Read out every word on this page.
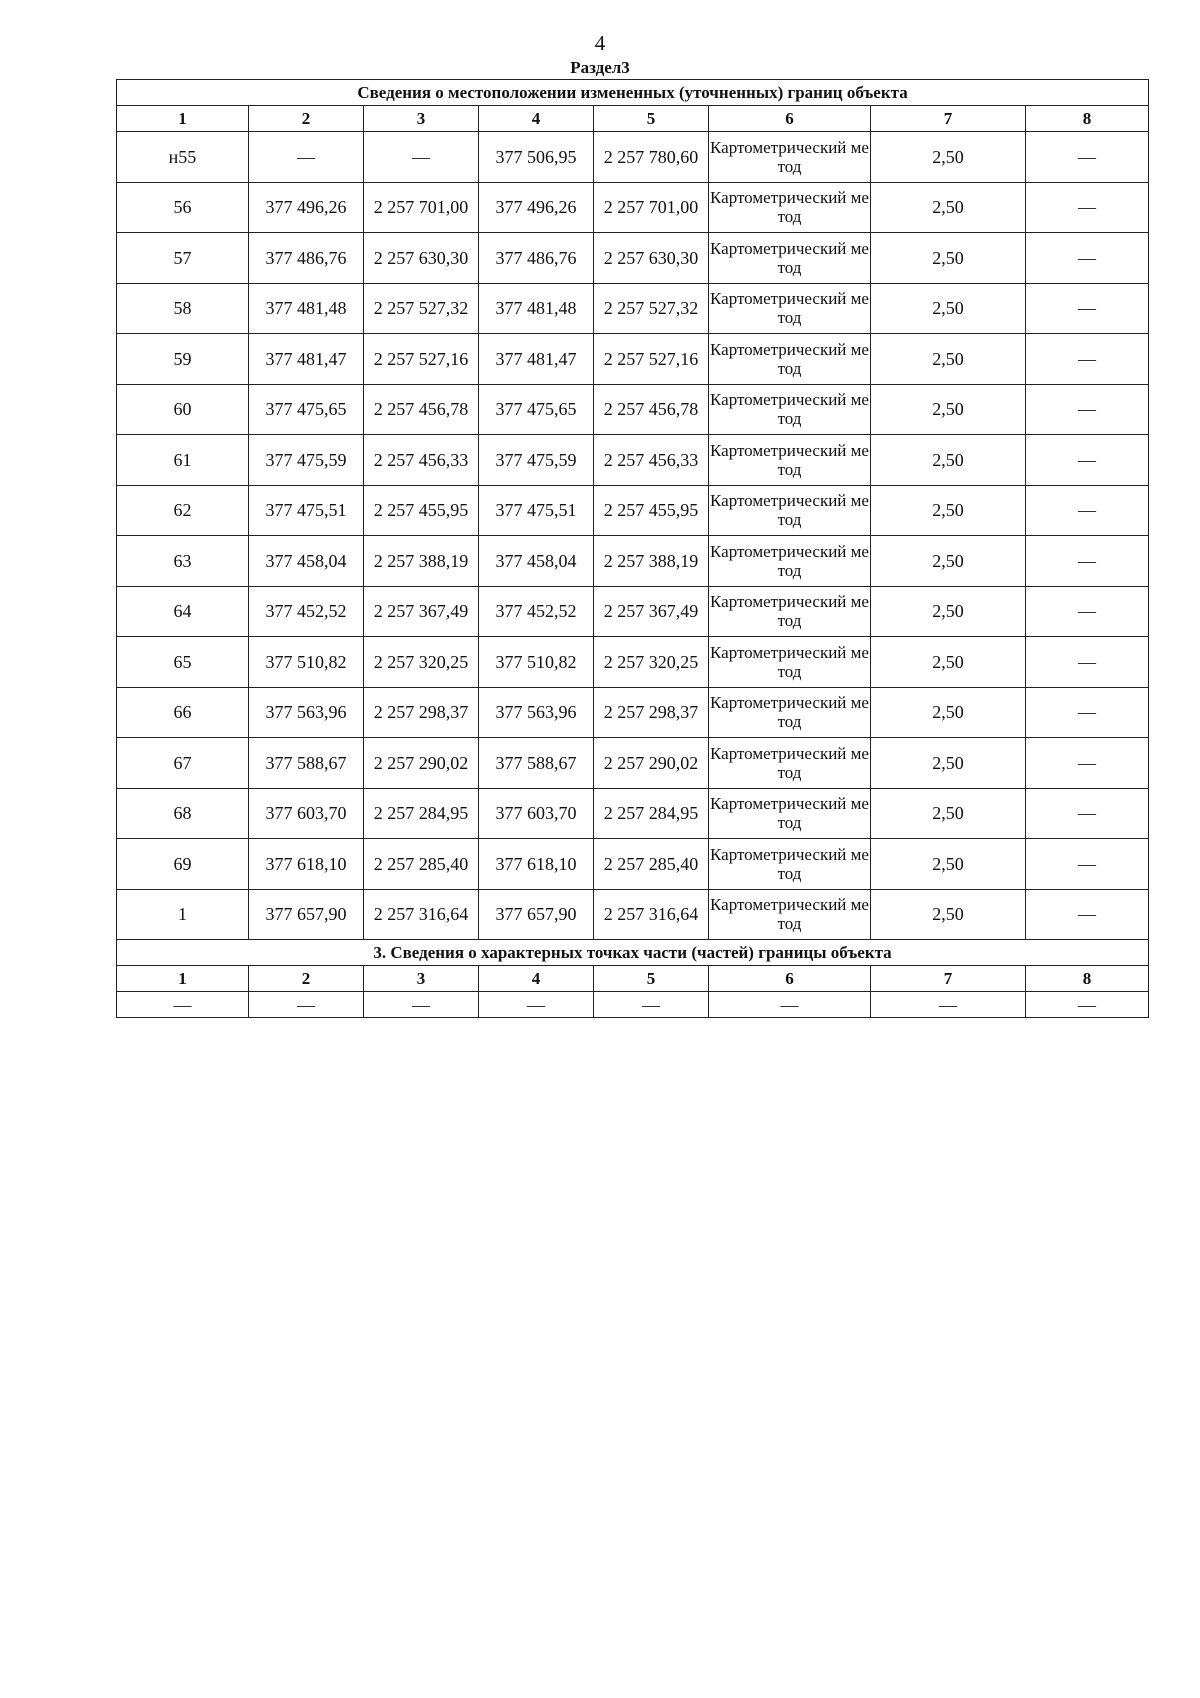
4
Раздел3
Сведения о местоположении измененных (уточненных) границ объекта							
1	2	3	4	5	6	7	8
н55	—	—	377 506,95	2 257 780,60	Картометрический метод	2,50	—
56	377 496,26	2 257 701,00	377 496,26	2 257 701,00	Картометрический метод	2,50	—
57	377 486,76	2 257 630,30	377 486,76	2 257 630,30	Картометрический метод	2,50	—
58	377 481,48	2 257 527,32	377 481,48	2 257 527,32	Картометрический метод	2,50	—
59	377 481,47	2 257 527,16	377 481,47	2 257 527,16	Картометрический метод	2,50	—
60	377 475,65	2 257 456,78	377 475,65	2 257 456,78	Картометрический метод	2,50	—
61	377 475,59	2 257 456,33	377 475,59	2 257 456,33	Картометрический метод	2,50	—
62	377 475,51	2 257 455,95	377 475,51	2 257 455,95	Картометрический метод	2,50	—
63	377 458,04	2 257 388,19	377 458,04	2 257 388,19	Картометрический метод	2,50	—
64	377 452,52	2 257 367,49	377 452,52	2 257 367,49	Картометрический метод	2,50	—
65	377 510,82	2 257 320,25	377 510,82	2 257 320,25	Картометрический метод	2,50	—
66	377 563,96	2 257 298,37	377 563,96	2 257 298,37	Картометрический метод	2,50	—
67	377 588,67	2 257 290,02	377 588,67	2 257 290,02	Картометрический метод	2,50	—
68	377 603,70	2 257 284,95	377 603,70	2 257 284,95	Картометрический метод	2,50	—
69	377 618,10	2 257 285,40	377 618,10	2 257 285,40	Картометрический метод	2,50	—
1	377 657,90	2 257 316,64	377 657,90	2 257 316,64	Картометрический метод	2,50	—
3. Сведения о характерных точках части (частей) границы объекта							
1	2	3	4	5	6	7	8
—	—	—	—	—	—	—	—
